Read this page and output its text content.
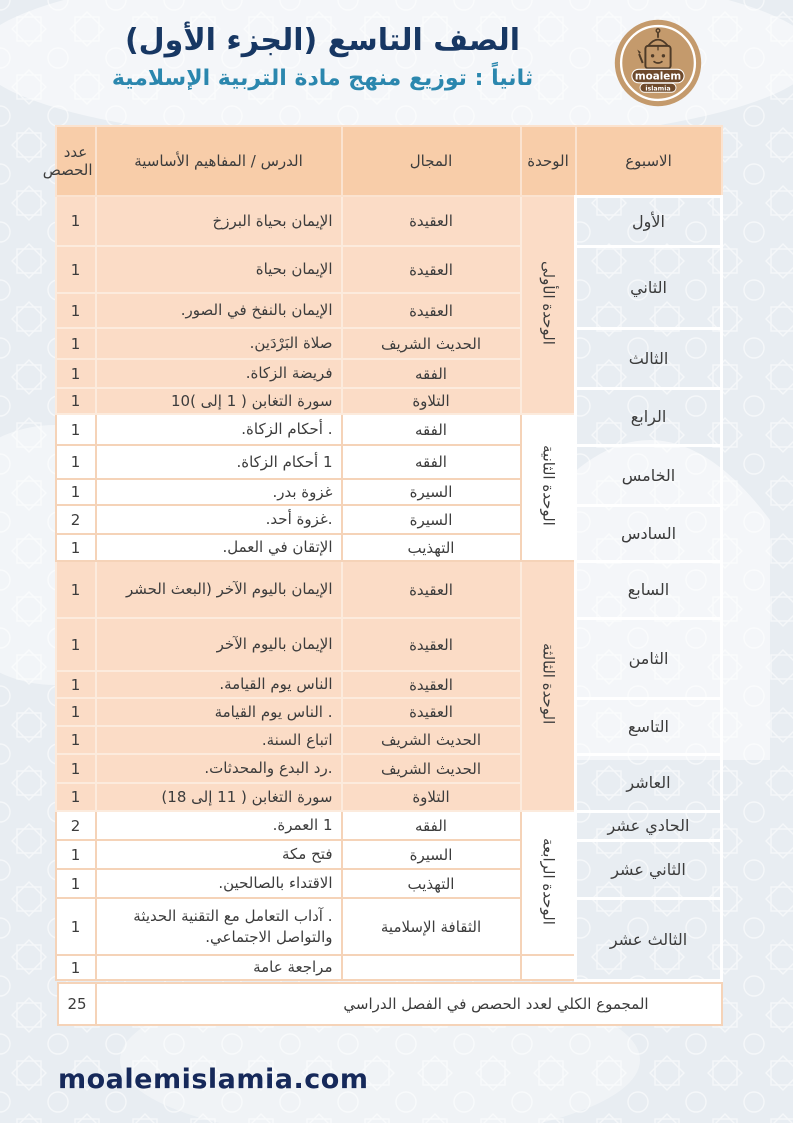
الصف التاسع (الجزء الأول)
ثانياً : توزيع منهج مادة التربية الإسلامية	moalem
islamia
الاسبوع	الوحدة	المجال	الدرس / المفاهيم الأساسية	عدد الحصص
الأول	الوحدة الأولى	العقيدة	الإيمان بحياة البرزخ	1
الثاني		العقيدة	الإيمان بحياة	1
		العقيدة	الإيمان بالنفخ في الصور.	1
الثالث		الحديث الشريف	صلاة البَرْدَين.	1
		الفقه	فريضة الزكاة.	1
الرابع		التلاوة	سورة التغابن ( 1 إلى )10	1
	الوحدة الثانية	الفقه	. أحكام الزكاة.	1
الخامس		الفقه	1 أحكام الزكاة.	1
		السيرة	غزوة بدر.	1
السادس		السيرة	.غزوة أحد.	2
		التهذيب	الإتقان في العمل.	1
السابع	الوحدة الثالثة	العقيدة	الإيمان باليوم الآخر (البعث الحشر	1
الثامن		العقيدة	الإيمان باليوم الآخر	1
		العقيدة	الناس يوم القيامة.	1
التاسع		العقيدة	. الناس يوم القيامة	1
		الحديث الشريف	اتباع السنة.	1
العاشر		الحديث الشريف	.رد البدع والمحدثات.	1
		التلاوة	سورة التغابن ( 11 إلى 18)	1
الحادي عشر	الوحدة الرابعة	الفقه	1 العمرة.	2
الثاني عشر		السيرة	فتح مكة	1
		التهذيب	الاقتداء بالصالحين.	1
الثالث عشر		الثقافة الإسلامية	. آداب التعامل مع التقنية الحديثة والتواصل الاجتماعي.	1
			مراجعة عامة	1
المجموع الكلي لعدد الحصص في الفصل الدراسي
25
moalemislamia.com
